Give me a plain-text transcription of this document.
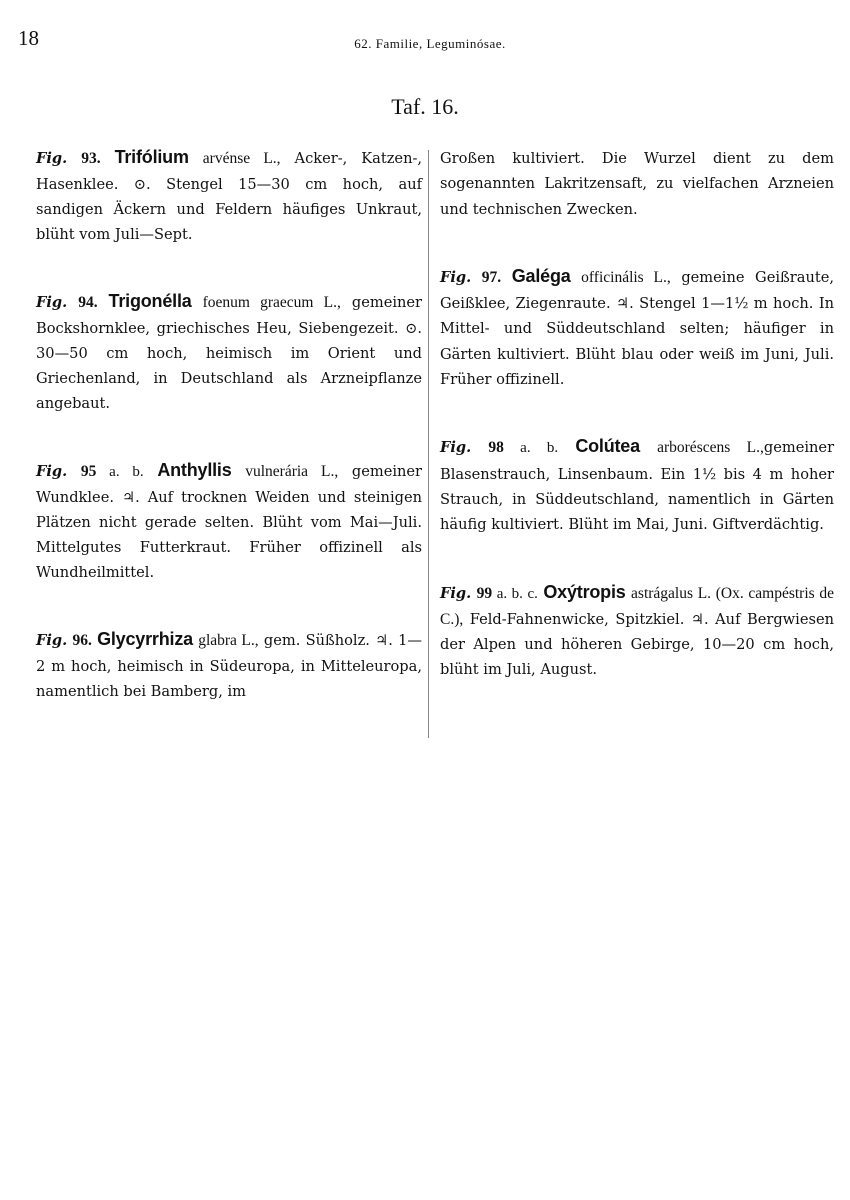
18	62. Familie, Leguminósae.
Taf. 16.

Fig. 93. Trifólium arvénse L., Acker-, Katzen-, Hasenklee. ⊙. Stengel 15—30 cm hoch, auf sandigen Äckern und Feldern häufiges Unkraut, blüht vom Juli—Sept.

Fig. 94. Trigonélla foenum graecum L., gemeiner Bockshornklee, griechisches Heu, Siebengezeit. ⊙. 30—50 cm hoch, heimisch im Orient und Griechenland, in Deutschland als Arzneipflanze angebaut.

Fig. 95 a. b. Anthyllis vulnerária L., gemeiner Wundklee. ♃. Auf trocknen Weiden und steinigen Plätzen nicht gerade selten. Blüht vom Mai—Juli. Mittelgutes Futterkraut. Früher offizinell als Wundheilmittel.

Fig. 96. Glycyrrhiza glabra L., gem. Süßholz. ♃. 1—2 m hoch, heimisch in Südeuropa, in Mitteleuropa, namentlich bei Bamberg, im

Großen kultiviert. Die Wurzel dient zu dem sogenannten Lakritzensaft, zu vielfachen Arzneien und technischen Zwecken.

Fig. 97. Galéga officinális L., gemeine Geißraute, Geißklee, Ziegenraute. ♃. Stengel 1—1½ m hoch. In Mittel- und Süddeutschland selten; häufiger in Gärten kultiviert. Blüht blau oder weiß im Juni, Juli. Früher offizinell.

Fig. 98 a. b. Colútea arboréscens L.,gemeiner Blasenstrauch, Linsenbaum. Ein 1½ bis 4 m hoher Strauch, in Süddeutschland, namentlich in Gärten häufig kultiviert. Blüht im Mai, Juni. Giftverdächtig.

Fig. 99 a. b. c. Oxýtropis astrágalus L. (Ox. campéstris de C.), Feld-Fahnenwicke, Spitzkiel. ♃. Auf Bergwiesen der Alpen und höheren Gebirge, 10—20 cm hoch, blüht im Juli, August.
